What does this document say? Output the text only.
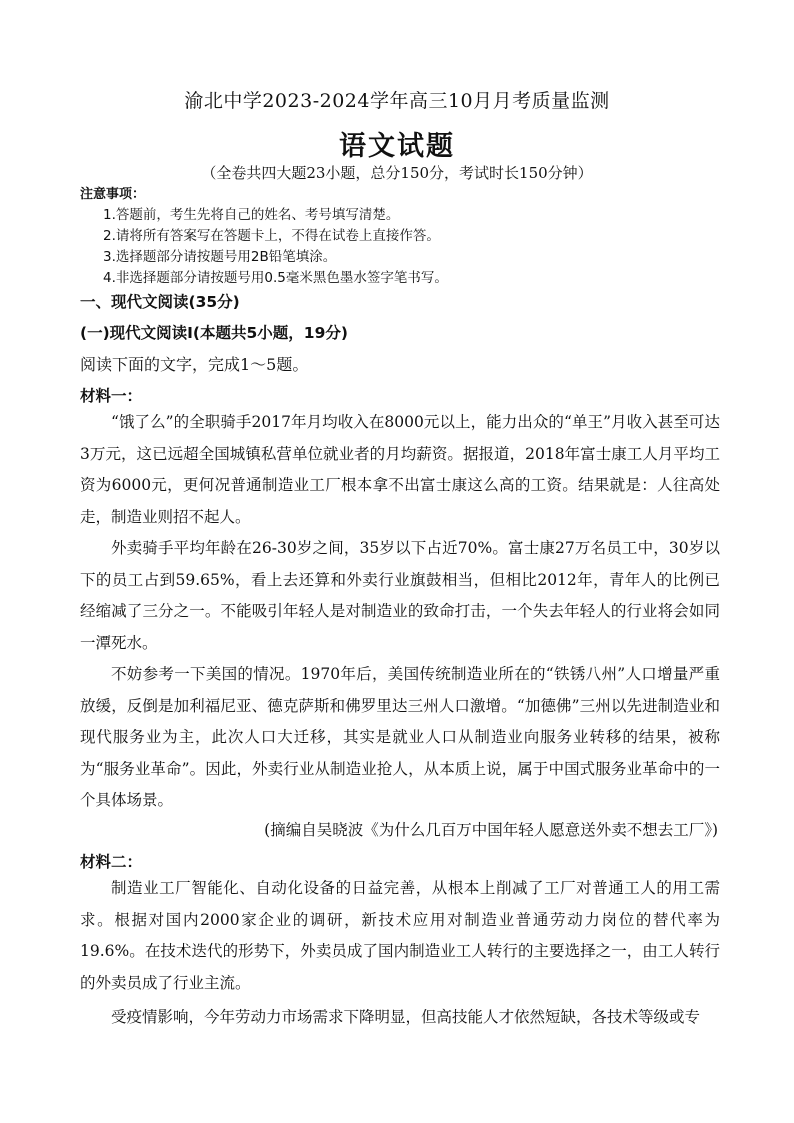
渝北中学2023-2024学年高三10月月考质量监测
语文试题
（全卷共四大题23小题，总分150分，考试时长150分钟）
注意事项：
1.答题前，考生先将自己的姓名、考号填写清楚。
2.请将所有答案写在答题卡上，不得在试卷上直接作答。
3.选择题部分请按题号用2B铅笔填涂。
4.非选择题部分请按题号用0.5毫米黑色墨水签字笔书写。
一、现代文阅读(35分)
(一)现代文阅读Ⅰ(本题共5小题，19分)
阅读下面的文字，完成1～5题。
材料一：
“饿了么”的全职骑手2017年月均收入在8000元以上，能力出众的“单王”月收入甚至可达3万元，这已远超全国城镇私营单位就业者的月均薪资。据报道，2018年富士康工人月平均工资为6000元，更何况普通制造业工厂根本拿不出富士康这么高的工资。结果就是：人往高处走，制造业则招不起人。
外卖骑手平均年龄在26-30岁之间，35岁以下占近70%。富士康27万名员工中，30岁以下的员工占到59.65%，看上去还算和外卖行业旗鼓相当，但相比2012年，青年人的比例已经缩减了三分之一。不能吸引年轻人是对制造业的致命打击，一个失去年轻人的行业将会如同一潭死水。
不妨参考一下美国的情况。1970年后，美国传统制造业所在的“铁锈八州”人口增量严重放缓，反倒是加利福尼亚、德克萨斯和佛罗里达三州人口激增。“加德佛”三州以先进制造业和现代服务业为主，此次人口大迁移，其实是就业人口从制造业向服务业转移的结果，被称为“服务业革命”。因此，外卖行业从制造业抢人，从本质上说，属于中国式服务业革命中的一个具体场景。
(摘编自吴晓波《为什么几百万中国年轻人愿意送外卖不想去工厂》)
材料二：
制造业工厂智能化、自动化设备的日益完善，从根本上削减了工厂对普通工人的用工需求。根据对国内2000家企业的调研，新技术应用对制造业普通劳动力岗位的替代率为19.6%。在技术迭代的形势下，外卖员成了国内制造业工人转行的主要选择之一，由工人转行的外卖员成了行业主流。
受疫情影响，今年劳动力市场需求下降明显，但高技能人才依然短缺，各技术等级或专
